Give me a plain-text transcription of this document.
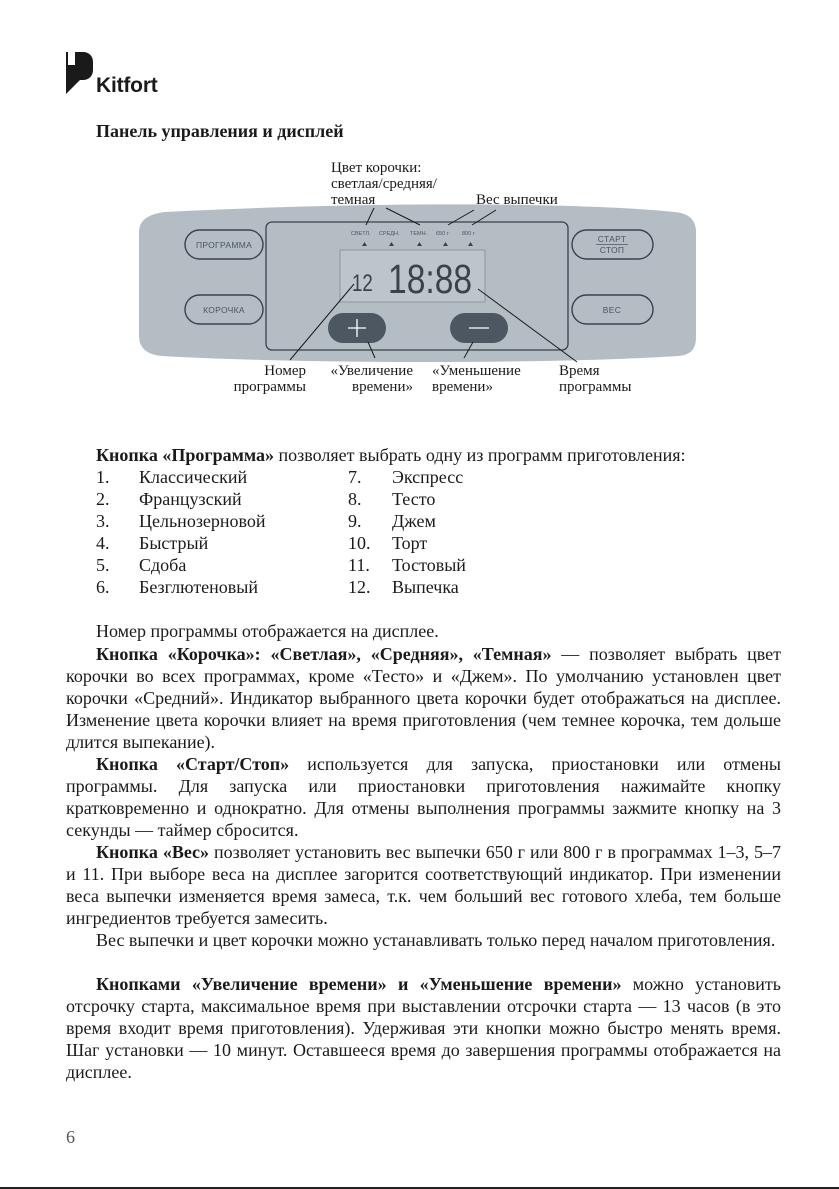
Kitfort
Панель управления и дисплей
СВЕТЛ. СРЕДН. ТЕМН. 650 г 800 г
12 18:88
ПРОГРАММА
КОРОЧКА
СТАРТ
СТОП
ВЕС
Цвет корочки:
светлая/средняя/
темная	Вес выпечки
Номер
программы
«Увеличение
времени»
«Уменьшение
времени»
Время
программы

Кнопка «Программа» позволяет выбрать одну из программ приготовления:

1. Классический
2. Французский
3. Цельнозерновой
4. Быстрый
5. Сдоба
6. Безглютеновый
7. Экспресс
8. Тесто
9. Джем
10. Торт
11. Тостовый
12. Выпечка

Номер программы отображается на дисплее.

Кнопка «Корочка»: «Светлая», «Средняя», «Темная» — позволяет выбрать цвет корочки во всех программах, кроме «Тесто» и «Джем». По умолчанию установлен цвет корочки «Средний». Индикатор выбранного цвета корочки будет отображаться на дисплее. Изменение цвета корочки влияет на время приготовления (чем темнее корочка, тем дольше длится выпекание).

Кнопка «Старт/Стоп» используется для запуска, приостановки или отмены программы. Для запуска или приостановки приготовления нажимайте кнопку кратковременно и однократно. Для отмены выполнения программы зажмите кнопку на 3 секунды — таймер сбросится.

Кнопка «Вес» позволяет установить вес выпечки 650 г или 800 г в программах 1–3, 5–7 и 11. При выборе веса на дисплее загорится соответствующий индикатор. При изменении веса выпечки изменяется время замеса, т.к. чем больший вес готового хлеба, тем больше ингредиентов требуется замесить.

Вес выпечки и цвет корочки можно устанавливать только перед началом приготовления.

Кнопками «Увеличение времени» и «Уменьшение времени» можно установить отсрочку старта, максимальное время при выставлении отсрочки старта — 13 часов (в это время входит время приготовления). Удерживая эти кнопки можно быстро менять время. Шаг установки — 10 минут. Оставшееся время до завершения программы отображается на дисплее.

6
